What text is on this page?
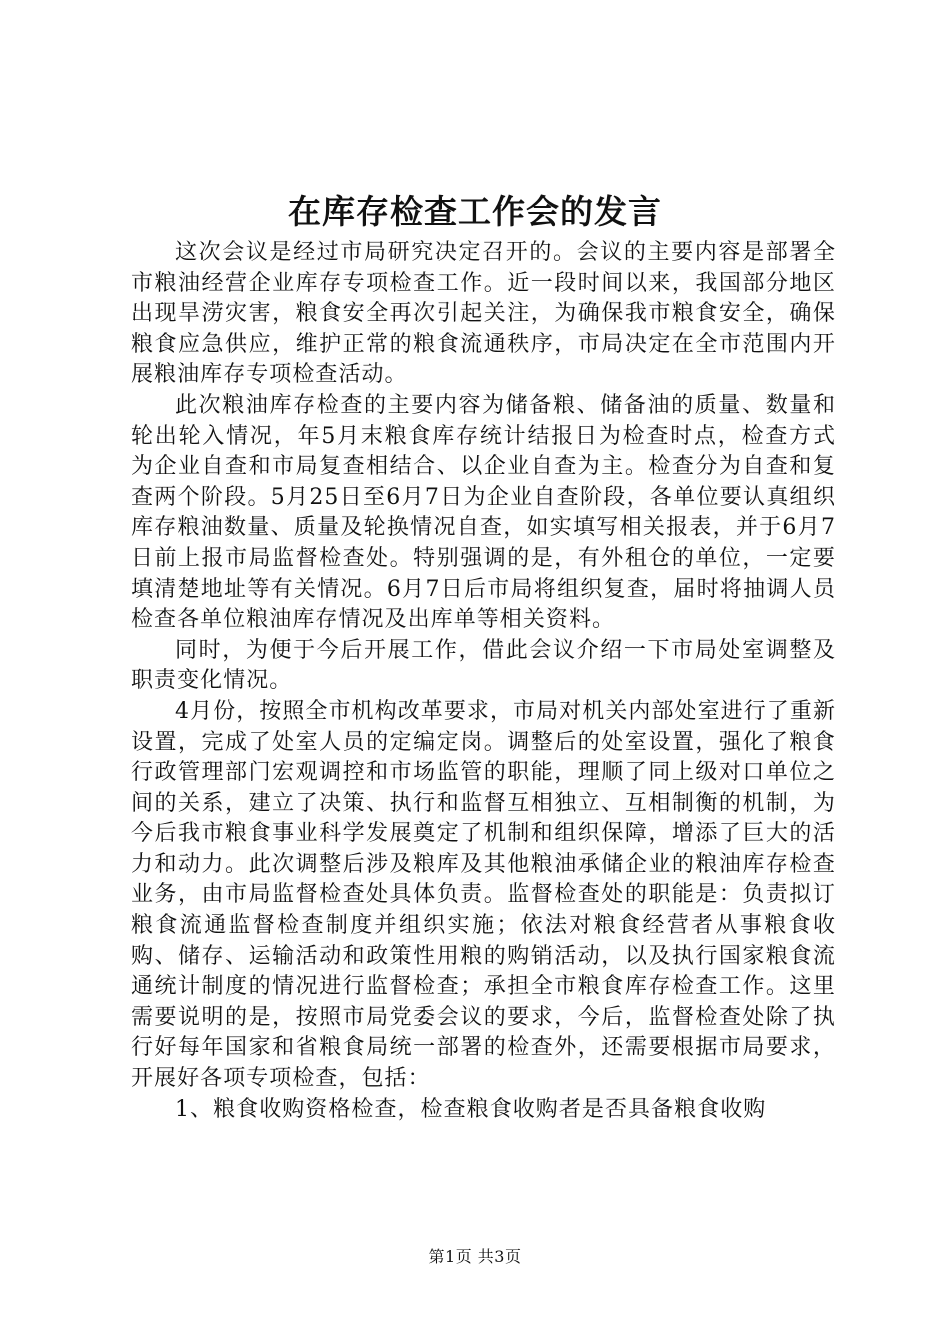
在库存检查工作会的发言

这次会议是经过市局研究决定召开的。会议的主要内容是部署全市粮油经营企业库存专项检查工作。近一段时间以来，我国部分地区出现旱涝灾害，粮食安全再次引起关注，为确保我市粮食安全，确保粮食应急供应，维护正常的粮食流通秩序，市局决定在全市范围内开展粮油库存专项检查活动。

此次粮油库存检查的主要内容为储备粮、储备油的质量、数量和轮出轮入情况，年5月末粮食库存统计结报日为检查时点，检查方式为企业自查和市局复查相结合、以企业自查为主。检查分为自查和复查两个阶段。5月25日至6月7日为企业自查阶段，各单位要认真组织库存粮油数量、质量及轮换情况自查，如实填写相关报表，并于6月7日前上报市局监督检查处。特别强调的是，有外租仓的单位，一定要填清楚地址等有关情况。6月7日后市局将组织复查，届时将抽调人员检查各单位粮油库存情况及出库单等相关资料。

同时，为便于今后开展工作，借此会议介绍一下市局处室调整及职责变化情况。

4月份，按照全市机构改革要求，市局对机关内部处室进行了重新设置，完成了处室人员的定编定岗。调整后的处室设置，强化了粮食行政管理部门宏观调控和市场监管的职能，理顺了同上级对口单位之间的关系，建立了决策、执行和监督互相独立、互相制衡的机制，为今后我市粮食事业科学发展奠定了机制和组织保障，增添了巨大的活力和动力。此次调整后涉及粮库及其他粮油承储企业的粮油库存检查业务，由市局监督检查处具体负责。监督检查处的职能是：负责拟订粮食流通监督检查制度并组织实施；依法对粮食经营者从事粮食收购、储存、运输活动和政策性用粮的购销活动，以及执行国家粮食流通统计制度的情况进行监督检查；承担全市粮食库存检查工作。这里需要说明的是，按照市局党委会议的要求，今后，监督检查处除了执行好每年国家和省粮食局统一部署的检查外，还需要根据市局要求，开展好各项专项检查，包括：

1、粮食收购资格检查，检查粮食收购者是否具备粮食收购

第1页 共3页
